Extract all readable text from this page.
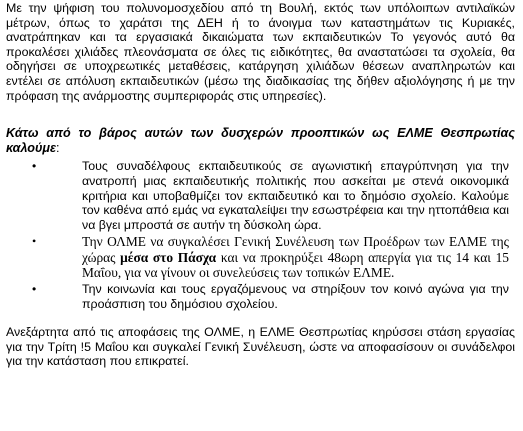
Με την ψήφιση του πολυνομοσχεδίου από τη Βουλή, εκτός των υπόλοιπων αντιλαϊκών μέτρων, όπως το χαράτσι της ΔΕΗ ή το άνοιγμα των καταστημάτων τις Κυριακές, ανατράπηκαν και τα εργασιακά δικαιώματα των εκπαιδευτικών Το γεγονός αυτό θα προκαλέσει χιλιάδες πλεονάσματα σε όλες τις ειδικότητες, θα αναστατώσει τα σχολεία, θα οδηγήσει σε υποχρεωτικές μεταθέσεις, κατάργηση χιλιάδων θέσεων αναπληρωτών και εντέλει σε απόλυση εκπαιδευτικών (μέσω της διαδικασίας της δήθεν αξιολόγησης ή με την πρόφαση της ανάρμοστης συμπεριφοράς στις υπηρεσίες).

Κάτω από το βάρος αυτών των δυσχερών προοπτικών ως ΕΛΜΕ Θεσπρωτίας καλούμε:

•	Τους συναδέλφους εκπαιδευτικούς σε αγωνιστική επαγρύπνηση για την ανατροπή μιας εκπαιδευτικής πολιτικής που ασκείται με στενά οικονομικά κριτήρια και υποβαθμίζει τον εκπαιδευτικό και το δημόσιο σχολείο. Καλούμε τον καθένα από εμάς να εγκαταλείψει την εσωστρέφεια και την ηττοπάθεια και να βγει μπροστά σε αυτήν τη δύσκολη ώρα.
•	Την ΟΛΜΕ να συγκαλέσει Γενική Συνέλευση των Προέδρων των ΕΛΜΕ της χώρας μέσα στο Πάσχα και να προκηρύξει 48ωρη απεργία για τις 14 και 15 Μαΐου, για να γίνουν οι συνελεύσεις των τοπικών ΕΛΜΕ.
•	Την κοινωνία και τους εργαζόμενους να στηρίξουν τον κοινό αγώνα για την προάσπιση του δημόσιου σχολείου.

Ανεξάρτητα από τις αποφάσεις της ΟΛΜΕ, η ΕΛΜΕ Θεσπρωτίας κηρύσσει στάση εργασίας για την Τρίτη !5 Μαΐου και συγκαλεί Γενική Συνέλευση, ώστε να αποφασίσουν οι συνάδελφοι για την κατάσταση που επικρατεί.
